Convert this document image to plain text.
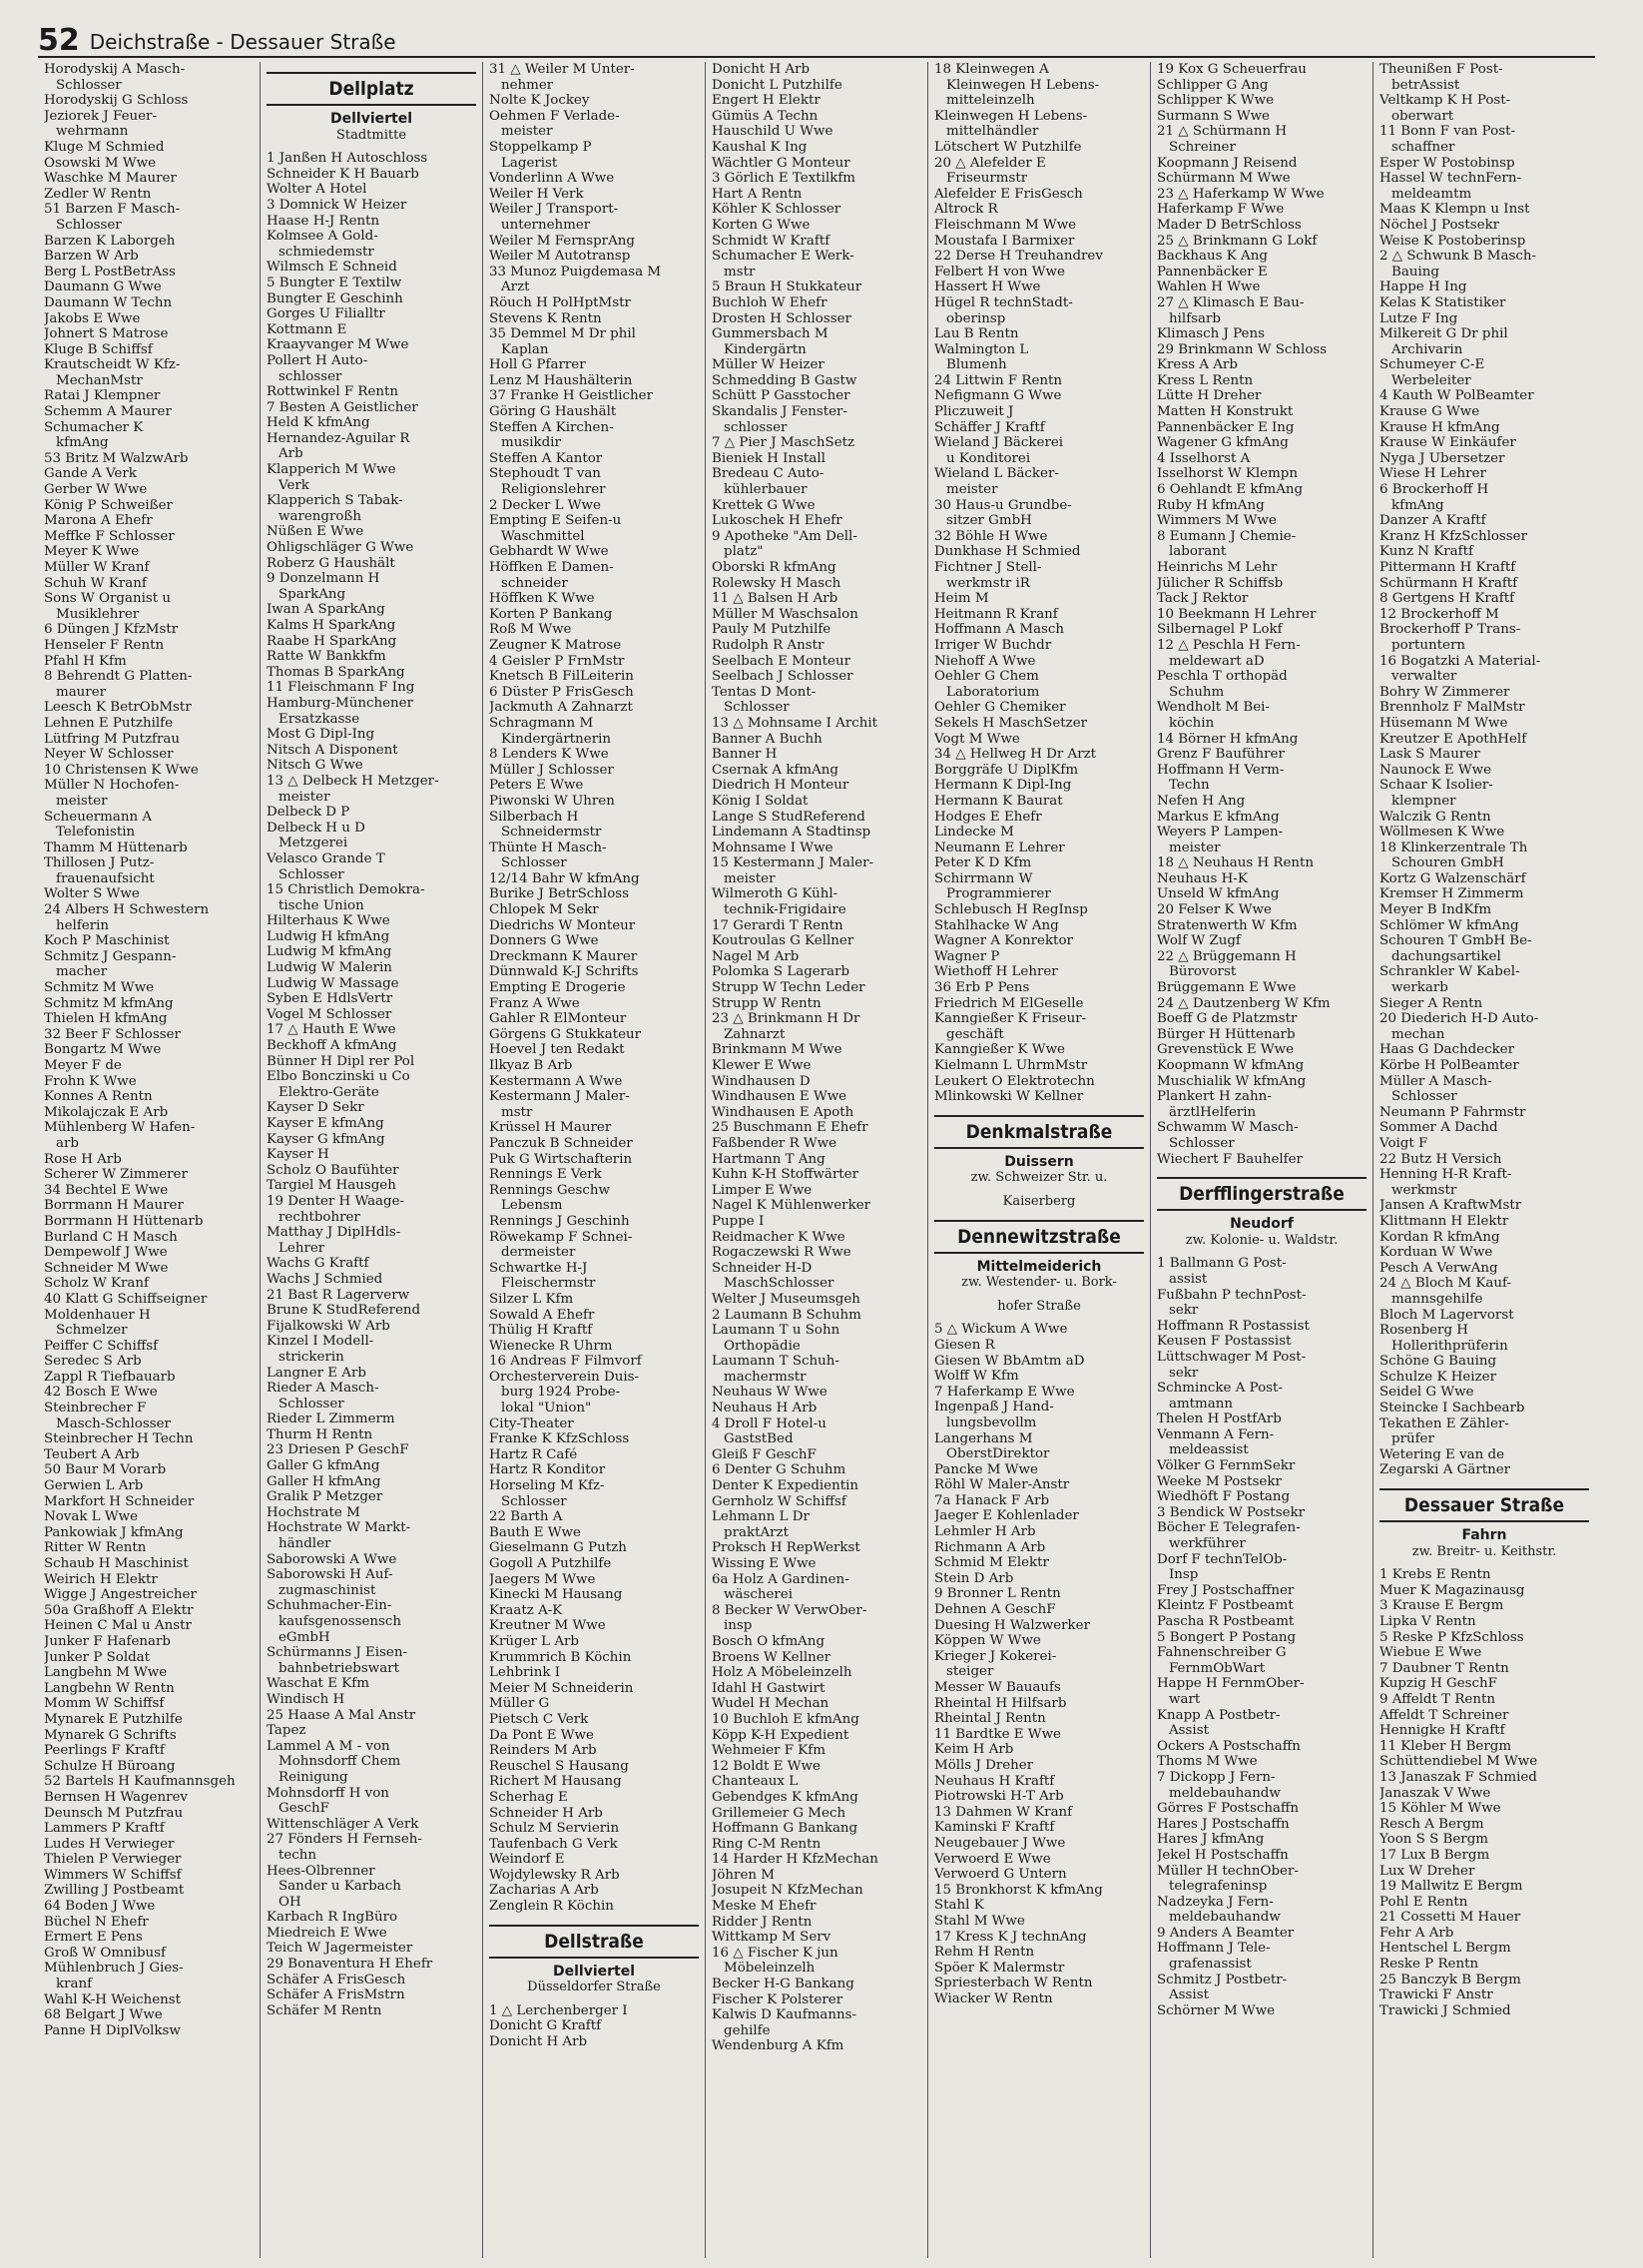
52 Deichstraße - Dessauer Straße
Horodyskij A Masch-
Schlosser
Horodyskij G Schloss
Jeziorek J Feuer-
wehrmann
Kluge M Schmied
Osowski M Wwe
Waschke M Maurer
Zedler W Rentn
51 Barzen F Masch-
Schlosser
Barzen K Laborgeh
Barzen W Arb
Berg L PostBetrAss
Daumann G Wwe
Daumann W Techn
Jakobs E Wwe
Johnert S Matrose
Kluge B Schiffsf
Krautscheidt W Kfz-
MechanMstr
Ratai J Klempner
Schemm A Maurer
Schumacher K
kfmAng
53 Britz M WalzwArb
Gande A Verk
Gerber W Wwe
König P Schweißer
Marona A Ehefr
Meffke F Schlosser
Meyer K Wwe
Müller W Kranf
Schuh W Kranf
Sons W Organist u
Musiklehrer
6 Düngen J KfzMstr
Henseler F Rentn
Pfahl H Kfm
8 Behrendt G Platten-
maurer
Leesch K BetrObMstr
Lehnen E Putzhilfe
Lütfring M Putzfrau
Neyer W Schlosser
10 Christensen K Wwe
Müller N Hochofen-
meister
Scheuermann A
Telefonistin
Thamm M Hüttenarb
Thillosen J Putz-
frauenaufsicht
Wolter S Wwe
24 Albers H Schwestern
helferin
Koch P Maschinist
Schmitz J Gespann-
macher
Schmitz M Wwe
Schmitz M kfmAng
Thielen H kfmAng
32 Beer F Schlosser
Bongartz M Wwe
Meyer F de
Frohn K Wwe
Konnes A Rentn
Mikolajczak E Arb
Mühlenberg W Hafen-
arb
Rose H Arb
Scherer W Zimmerer
34 Bechtel E Wwe
Borrmann H Maurer
Borrmann H Hüttenarb
Burland C H Masch
Dempewolf J Wwe
Schneider M Wwe
Scholz W Kranf
40 Klatt G Schiffseigner
Moldenhauer H
Schmelzer
Peiffer C Schiffsf
Seredec S Arb
Zappl R Tiefbauarb
42 Bosch E Wwe
Steinbrecher F
Masch-Schlosser
Steinbrecher H Techn
Teubert A Arb
50 Baur M Vorarb
Gerwien L Arb
Markfort H Schneider
Novak L Wwe
Pankowiak J kfmAng
Ritter W Rentn
Schaub H Maschinist
Weirich H Elektr
Wigge J Angestreicher
50a Graßhoff A Elektr
Heinen C Mal u Anstr
Junker F Hafenarb
Junker P Soldat
Langbehn M Wwe
Langbehn W Rentn
Momm W Schiffsf
Mynarek E Putzhilfe
Mynarek G Schrifts
Peerlings F Kraftf
Schulze H Büroang
52 Bartels H Kaufmannsgeh
Bernsen H Wagenrev
Deunsch M Putzfrau
Lammers P Kraftf
Ludes H Verwieger
Thielen P Verwieger
Wimmers W Schiffsf
Zwilling J Postbeamt
64 Boden J Wwe
Büchel N Ehefr
Ermert E Pens
Groß W Omnibusf
Mühlenbruch J Gies-
kranf
Wahl K-H Weichenst
68 Belgart J Wwe
Panne H DiplVolksw
Dellplatz
Dellviertel
Stadtmitte
1 Janßen H Autoschloss
Schneider K H Bauarb
Wolter A Hotel
3 Domnick W Heizer
Haase H-J Rentn
Kolmsee A Gold-
schmiedemstr
Wilmsch E Schneid
5 Bungter E Textilw
Bungter E Geschinh
Gorges U Filialltr
Kottmann E
Kraayvanger M Wwe
Pollert H Auto-
schlosser
Rottwinkel F Rentn
7 Besten A Geistlicher
Held K kfmAng
Hernandez-Aguilar R
Arb
Klapperich M Wwe
Verk
Klapperich S Tabak-
warengroßh
Nüßen E Wwe
Ohligschläger G Wwe
Roberz G Haushält
9 Donzelmann H
SparkAng
Iwan A SparkAng
Kalms H SparkAng
Raabe H SparkAng
Ratte W Bankkfm
Thomas B SparkAng
11 Fleischmann F Ing
Hamburg-Münchener
Ersatzkasse
Most G Dipl-Ing
Nitsch A Disponent
Nitsch G Wwe
13 △ Delbeck H Metzger-
meister
Delbeck D P
Delbeck H u D
Metzgerei
Velasco Grande T
Schlosser
15 Christlich Demokra-
tische Union
Hilterhaus K Wwe
Ludwig H kfmAng
Ludwig M kfmAng
Ludwig W Malerin
Ludwig W Massage
Syben E HdlsVertr
Vogel M Schlosser
17 △ Hauth E Wwe
Beckhoff A kfmAng
Bünner H Dipl rer Pol
Elbo Bonczinski u Co
Elektro-Geräte
Kayser D Sekr
Kayser E kfmAng
Kayser G kfmAng
Kayser H
Scholz O Baufühter
Targiel M Hausgeh
19 Denter H Waage-
rechtbohrer
Matthay J DiplHdls-
Lehrer
Wachs G Kraftf
Wachs J Schmied
21 Bast R Lagerverw
Brune K StudReferend
Fijalkowski W Arb
Kinzel I Modell-
strickerin
Langner E Arb
Rieder A Masch-
Schlosser
Rieder L Zimmerm
Thurm H Rentn
23 Driesen P GeschF
Galler G kfmAng
Galler H kfmAng
Gralik P Metzger
Hochstrate M
Hochstrate W Markt-
händler
Saborowski A Wwe
Saborowski H Auf-
zugmaschinist
Schuhmacher-Ein-
kaufsgenossensch
eGmbH
Schürmanns J Eisen-
bahnbetriebswart
Waschat E Kfm
Windisch H
25 Haase A Mal Anstr
Tapez
Lammel A M - von
Mohnsdorff Chem
Reinigung
Mohnsdorff H von
GeschF
Wittenschläger A Verk
27 Fönders H Fernseh-
techn
Hees-Ölbrenner
Sander u Karbach
OH
Karbach R IngBüro
Miedreich E Wwe
Teich W Jagermeister
29 Bonaventura H Ehefr
Schäfer A FrisGesch
Schäfer A FrisMstrn
Schäfer M Rentn
31 △ Weiler M Unter-
nehmer
Nolte K Jockey
Oehmen F Verlade-
meister
Stoppelkamp P
Lagerist
Vonderlinn A Wwe
Weiler H Verk
Weiler J Transport-
unternehmer
Weiler M FernsprAng
Weiler M Autotransp
33 Munoz Puigdemasa M
Arzt
Röuch H PolHptMstr
Stevens K Rentn
35 Demmel M Dr phil
Kaplan
Holl G Pfarrer
Lenz M Haushälterin
37 Franke H Geistlicher
Göring G Haushält
Steffen A Kirchen-
musikdir
Steffen A Kantor
Stephoudt T van
Religionslehrer
2 Decker L Wwe
Empting E Seifen-u
Waschmittel
Gebhardt W Wwe
Höffken E Damen-
schneider
Höffken K Wwe
Korten P Bankang
Roß M Wwe
Zeugner K Matrose
4 Geisler P FrnMstr
Knetsch B FilLeiterin
6 Düster P FrisGesch
Jackmuth A Zahnarzt
Schragmann M
Kindergärtnerin
8 Lenders K Wwe
Müller J Schlosser
Peters E Wwe
Piwonski W Uhren
Silberbach H
Schneidermstr
Thünte H Masch-
Schlosser
12/14 Bahr W kfmAng
Burike J BetrSchloss
Chlopek M Sekr
Diedrichs W Monteur
Donners G Wwe
Dreckmann K Maurer
Dünnwald K-J Schrifts
Empting E Drogerie
Franz A Wwe
Gahler R ElMonteur
Görgens G Stukkateur
Hoevel J ten Redakt
Ilkyaz B Arb
Kestermann A Wwe
Kestermann J Maler-
mstr
Krüssel H Maurer
Panczuk B Schneider
Puk G Wirtschafterin
Rennings E Verk
Rennings Geschw
Lebensm
Rennings J Geschinh
Röwekamp F Schnei-
dermeister
Schwartke H-J
Fleischermstr
Silzer L Kfm
Sowald A Ehefr
Thülig H Kraftf
Wienecke R Uhrm
16 Andreas F Filmvorf
Orchesterverein Duis-
burg 1924 Probe-
lokal "Union"
City-Theater
Franke K KfzSchloss
Hartz R Café
Hartz R Konditor
Horseling M Kfz-
Schlosser
22 Barth A
Bauth E Wwe
Gieselmann G Putzh
Gogoll A Putzhilfe
Jaegers M Wwe
Kinecki M Hausang
Kraatz A-K
Kreutner M Wwe
Krüger L Arb
Krummrich B Köchin
Lehbrink I
Meier M Schneiderin
Müller G
Pietsch C Verk
Da Pont E Wwe
Reinders M Arb
Reuschel S Hausang
Richert M Hausang
Scherhag E
Schneider H Arb
Schulz M Servierin
Taufenbach G Verk
Weindorf E
Wojdylewsky R Arb
Zacharias A Arb
Zenglein R Köchin
Dellstraße
Dellviertel
Düsseldorfer Straße
1 △ Lerchenberger I
Donicht G Kraftf
Donicht H Arb
Donicht H Arb
Donicht L Putzhilfe
Engert H Elektr
Gümüs A Techn
Hauschild U Wwe
Kaushal K Ing
Wächtler G Monteur
3 Görlich E Textilkfm
Hart A Rentn
Köhler K Schlosser
Korten G Wwe
Schmidt W Kraftf
Schumacher E Werk-
mstr
5 Braun H Stukkateur
Buchloh W Ehefr
Drosten H Schlosser
Gummersbach M
Kindergärtn
Müller W Heizer
Schmedding B Gastw
Schütt P Gasstocher
Skandalis J Fenster-
schlosser
7 △ Pier J MaschSetz
Bieniek H Install
Bredeau C Auto-
kühlerbauer
Krettek G Wwe
Lukoschek H Ehefr
9 Apotheke "Am Dell-
platz"
Oborski R kfmAng
Rolewsky H Masch
11 △ Balsen H Arb
Müller M Waschsalon
Pauly M Putzhilfe
Rudolph R Anstr
Seelbach E Monteur
Seelbach J Schlosser
Tentas D Mont-
Schlosser
13 △ Mohnsame I Archit
Banner A Buchh
Banner H
Csernak A kfmAng
Diedrich H Monteur
König I Soldat
Lange S StudReferend
Lindemann A Stadtinsp
Mohnsame I Wwe
15 Kestermann J Maler-
meister
Wilmeroth G Kühl-
technik-Frigidaire
17 Gerardi T Rentn
Koutroulas G Kellner
Nagel M Arb
Polomka S Lagerarb
Strupp W Techn Leder
Strupp W Rentn
23 △ Brinkmann H Dr
Zahnarzt
Brinkmann M Wwe
Klewer E Wwe
Windhausen D
Windhausen E Wwe
Windhausen E Apoth
25 Buschmann E Ehefr
Faßbender R Wwe
Hartmann T Ang
Kuhn K-H Stoffwärter
Limper E Wwe
Nagel K Mühlenwerker
Puppe I
Reidmacher K Wwe
Rogaczewski R Wwe
Schneider H-D
MaschSchlosser
Welter J Museumsgeh
2 Laumann B Schuhm
Laumann T u Sohn
Orthopädie
Laumann T Schuh-
machermstr
Neuhaus W Wwe
Neuhaus H Arb
4 Droll F Hotel-u
GaststBed
Gleiß F GeschF
6 Denter G Schuhm
Denter K Expedientin
Gernholz W Schiffsf
Lehmann L Dr
praktArzt
Proksch H RepWerkst
Wissing E Wwe
6a Holz A Gardinen-
wäscherei
8 Becker W VerwOber-
insp
Bosch O kfmAng
Broens W Kellner
Holz A Möbeleinzelh
Idahl H Gastwirt
Wudel H Mechan
10 Buchloh E kfmAng
Köpp K-H Expedient
Wehmeier F Kfm
12 Boldt E Wwe
Chanteaux L
Gebendges K kfmAng
Grillemeier G Mech
Hoffmann G Bankang
Ring C-M Rentn
14 Harder H KfzMechan
Jöhren M
Josupeit N KfzMechan
Meske M Ehefr
Ridder J Rentn
Wittkamp M Serv
16 △ Fischer K jun
Möbeleinzelh
Becker H-G Bankang
Fischer K Polsterer
Kalwis D Kaufmanns-
gehilfe
Wendenburg A Kfm
18 Kleinwegen A
Kleinwegen H Lebens-
mitteleinzelh
Kleinwegen H Lebens-
mittelhändler
Lötschert W Putzhilfe
20 △ Alefelder E
Friseurmstr
Alefelder E FrisGesch
Altrock R
Fleischmann M Wwe
Moustafa I Barmixer
22 Derse H Treuhandrev
Felbert H von Wwe
Hassert H Wwe
Hügel R technStadt-
oberinsp
Lau B Rentn
Walmington L
Blumenh
24 Littwin F Rentn
Nefigmann G Wwe
Pliczuweit J
Schäffer J Kraftf
Wieland J Bäckerei
u Konditorei
Wieland L Bäcker-
meister
30 Haus-u Grundbe-
sitzer GmbH
32 Böhle H Wwe
Dunkhase H Schmied
Fichtner J Stell-
werkmstr iR
Heim M
Heitmann R Kranf
Hoffmann A Masch
Irriger W Buchdr
Niehoff A Wwe
Oehler G Chem
Laboratorium
Oehler G Chemiker
Sekels H MaschSetzer
Vogt M Wwe
34 △ Hellweg H Dr Arzt
Borggräfe U DiplKfm
Hermann K Dipl-Ing
Hermann K Baurat
Hodges E Ehefr
Lindecke M
Neumann E Lehrer
Peter K D Kfm
Schirrmann W
Programmierer
Schlebusch H RegInsp
Stahlhacke W Ang
Wagner A Konrektor
Wagner P
Wiethoff H Lehrer
36 Erb P Pens
Friedrich M ElGeselle
Kanngießer K Friseur-
geschäft
Kanngießer K Wwe
Kielmann L UhrmMstr
Leukert O Elektrotechn
Mlinkowski W Kellner
Denkmalstraße
Duissern
zw. Schweizer Str. u.
Kaiserberg
Dennewitzstraße
Mittelmeiderich
zw. Westender- u. Bork-
hofer Straße
5 △ Wickum A Wwe
Giesen R
Giesen W BbAmtm aD
Wolff W Kfm
7 Haferkamp E Wwe
Ingenpaß J Hand-
lungsbevollm
Langerhans M
OberstDirektor
Pancke M Wwe
Röhl W Maler-Anstr
7a Hanack F Arb
Jaeger E Kohlenlader
Lehmler H Arb
Richmann A Arb
Schmid M Elektr
Stein D Arb
9 Bronner L Rentn
Dehnen A GeschF
Duesing H Walzwerker
Köppen W Wwe
Krieger J Kokerei-
steiger
Messer W Bauaufs
Rheintal H Hilfsarb
Rheintal J Rentn
11 Bardtke E Wwe
Keim H Arb
Mölls J Dreher
Neuhaus H Kraftf
Piotrowski H-T Arb
13 Dahmen W Kranf
Kaminski F Kraftf
Neugebauer J Wwe
Verwoerd E Wwe
Verwoerd G Untern
15 Bronkhorst K kfmAng
Stahl K
Stahl M Wwe
17 Kress K J technAng
Rehm H Rentn
Spöer K Malermstr
Spriesterbach W Rentn
Wiacker W Rentn
19 Kox G Scheuerfrau
Schlipper G Ang
Schlipper K Wwe
Surmann S Wwe
21 △ Schürmann H
Schreiner
Koopmann J Reisend
Schürmann M Wwe
23 △ Haferkamp W Wwe
Haferkamp F Wwe
Mader D BetrSchloss
25 △ Brinkmann G Lokf
Backhaus K Ang
Pannenbäcker E
Wahlen H Wwe
27 △ Klimasch E Bau-
hilfsarb
Klimasch J Pens
29 Brinkmann W Schloss
Kress A Arb
Kress L Rentn
Lütte H Dreher
Matten H Konstrukt
Pannenbäcker E Ing
Wagener G kfmAng
4 Isselhorst A
Isselhorst W Klempn
6 Oehlandt E kfmAng
Ruby H kfmAng
Wimmers M Wwe
8 Eumann J Chemie-
laborant
Heinrichs M Lehr
Jülicher R Schiffsb
Tack J Rektor
10 Beekmann H Lehrer
Silbernagel P Lokf
12 △ Peschla H Fern-
meldewart aD
Peschla T orthopäd
Schuhm
Wendholt M Bei-
köchin
14 Börner H kfmAng
Grenz F Bauführer
Hoffmann H Verm-
Techn
Nefen H Ang
Markus E kfmAng
Weyers P Lampen-
meister
18 △ Neuhaus H Rentn
Neuhaus H-K
Unseld W kfmAng
20 Felser K Wwe
Stratenwerth W Kfm
Wolf W Zugf
22 △ Brüggemann H
Bürovorst
Brüggemann E Wwe
24 △ Dautzenberg W Kfm
Boeff G de Platzmstr
Bürger H Hüttenarb
Grevenstück E Wwe
Koopmann W kfmAng
Muschialik W kfmAng
Plankert H zahn-
ärztlHelferin
Schwamm W Masch-
Schlosser
Wiechert F Bauhelfer
Derfflingerstraße
Neudorf
zw. Kolonie- u. Waldstr.
1 Ballmann G Post-
assist
Fußbahn P technPost-
sekr
Hoffmann R Postassist
Keusen F Postassist
Lüttschwager M Post-
sekr
Schmincke A Post-
amtmann
Thelen H PostfArb
Venmann A Fern-
meldeassist
Völker G FernmSekr
Weeke M Postsekr
Wiedhöft F Postang
3 Bendick W Postsekr
Böcher E Telegrafen-
werkführer
Dorf F technTelOb-
Insp
Frey J Postschaffner
Kleintz F Postbeamt
Pascha R Postbeamt
5 Bongert P Postang
Fahnenschreiber G
FernmObWart
Happe H FernmOber-
wart
Knapp A Postbetr-
Assist
Ockers A Postschaffn
Thoms M Wwe
7 Dickopp J Fern-
meldebauhandw
Görres F Postschaffn
Hares J Postschaffn
Hares J kfmAng
Jekel H Postschaffn
Müller H technOber-
telegrafeninsp
Nadzeyka J Fern-
meldebauhandw
9 Anders A Beamter
Hoffmann J Tele-
grafenassist
Schmitz J Postbetr-
Assist
Schörner M Wwe
Theunißen F Post-
betrAssist
Veltkamp K H Post-
oberwart
11 Bonn F van Post-
schaffner
Esper W Postobinsp
Hassel W technFern-
meldeamtm
Maas K Klempn u Inst
Nöchel J Postsekr
Weise K Postoberinsp
2 △ Schwunk B Masch-
Bauing
Happe H Ing
Kelas K Statistiker
Lutze F Ing
Milkereit G Dr phil
Archivarin
Schumeyer C-E
Werbeleiter
4 Kauth W PolBeamter
Krause G Wwe
Krause H kfmAng
Krause W Einkäufer
Nyga J Übersetzer
Wiese H Lehrer
6 Brockerhoff H
kfmAng
Danzer A Kraftf
Kranz H KfzSchlosser
Kunz N Kraftf
Pittermann H Kraftf
Schürmann H Kraftf
8 Gertgens H Kraftf
12 Brockerhoff M
Brockerhoff P Trans-
portuntern
16 Bogatzki A Material-
verwalter
Bohry W Zimmerer
Brennholz F MalMstr
Hüsemann M Wwe
Kreutzer E ApothHelf
Lask S Maurer
Naunock E Wwe
Schaar K Isolier-
klempner
Walczik G Rentn
Wöllmesen K Wwe
18 Klinkerzentrale Th
Schouren GmbH
Kortz G Walzenschärf
Kremser H Zimmerm
Meyer B IndKfm
Schlömer W kfmAng
Schouren T GmbH Be-
dachungsartikel
Schrankler W Kabel-
werkarb
Sieger A Rentn
20 Diederich H-D Auto-
mechan
Haas G Dachdecker
Körbe H PolBeamter
Müller A Masch-
Schlosser
Neumann P Fahrmstr
Sommer A Dachd
Voigt F
22 Butz H Versich
Henning H-R Kraft-
werkmstr
Jansen A KraftwMstr
Klittmann H Elektr
Kordan R kfmAng
Korduan W Wwe
Pesch A VerwAng
24 △ Bloch M Kauf-
mannsgehilfe
Bloch M Lagervorst
Rosenberg H
Hollerithprüferin
Schöne G Bauing
Schulze K Heizer
Seidel G Wwe
Steincke I Sachbearb
Tekathen E Zähler-
prüfer
Wetering E van de
Zegarski A Gärtner
Dessauer Straße
Fahrn
zw. Breitr- u. Keithstr.
1 Krebs E Rentn
Muer K Magazinausg
3 Krause E Bergm
Lipka V Rentn
5 Reske P KfzSchloss
Wiebue E Wwe
7 Daubner T Rentn
Kupzig H GeschF
9 Affeldt T Rentn
Affeldt T Schreiner
Hennigke H Kraftf
11 Kleber H Bergm
Schüttendiebel M Wwe
13 Janaszak F Schmied
Janaszak V Wwe
15 Köhler M Wwe
Resch A Bergm
Yoon S S Bergm
17 Lux B Bergm
Lux W Dreher
19 Mallwitz E Bergm
Pohl E Rentn
21 Cossetti M Hauer
Fehr A Arb
Hentschel L Bergm
Reske P Rentn
25 Banczyk B Bergm
Trawicki F Anstr
Trawicki J Schmied
